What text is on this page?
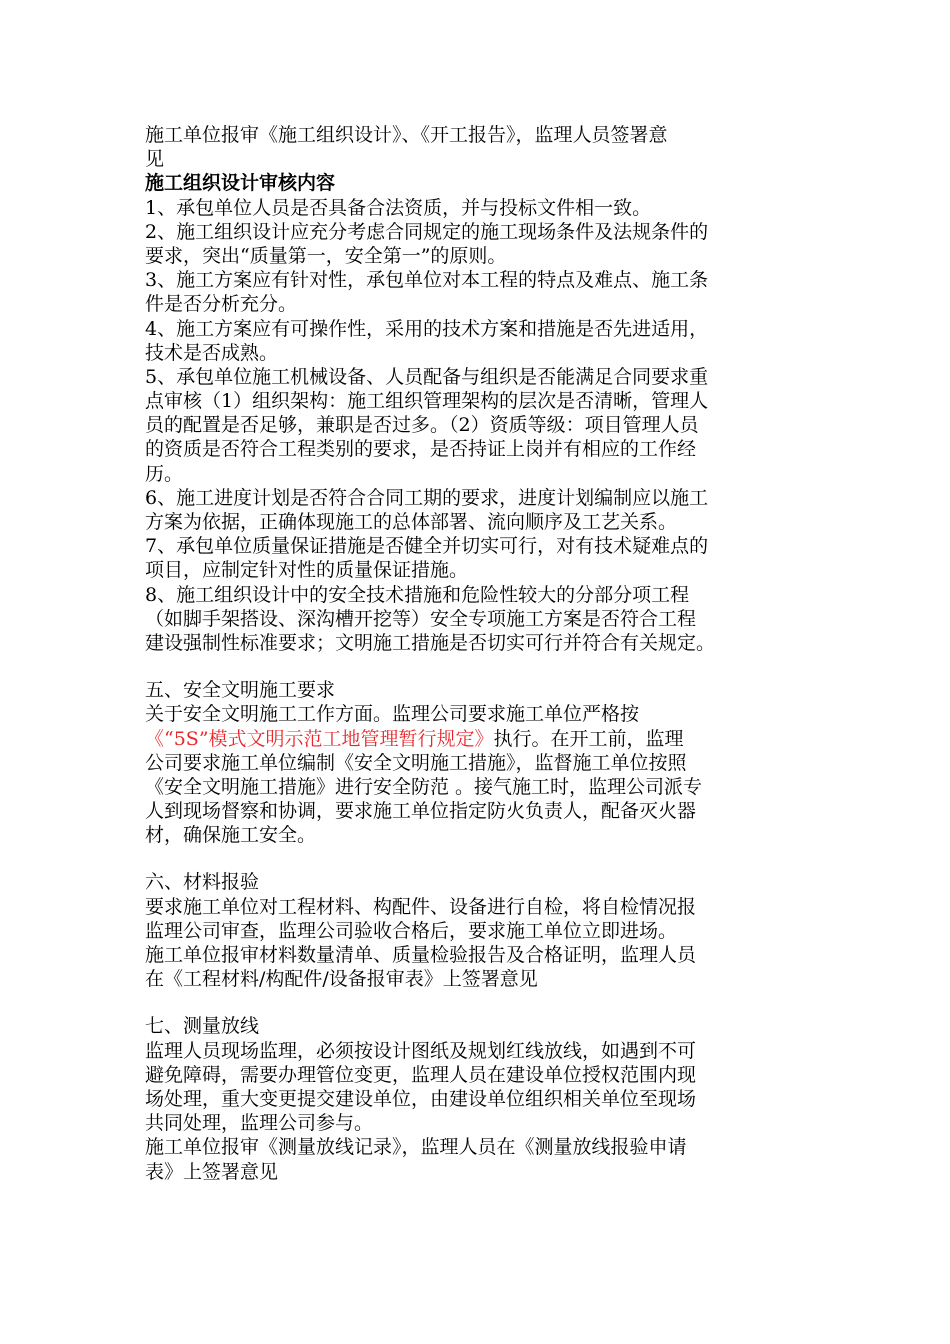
施工单位报审《施工组织设计》、《开工报告》，监理人员签署意
见
施工组织设计审核内容
1、承包单位人员是否具备合法资质，并与投标文件相一致。
2、施工组织设计应充分考虑合同规定的施工现场条件及法规条件的
要求，突出“质量第一，安全第一”的原则。
3、施工方案应有针对性，承包单位对本工程的特点及难点、施工条
件是否分析充分。
4、施工方案应有可操作性，采用的技术方案和措施是否先进适用，
技术是否成熟。
5、承包单位施工机械设备、人员配备与组织是否能满足合同要求重
点审核（1）组织架构：施工组织管理架构的层次是否清晰，管理人
员的配置是否足够，兼职是否过多。（2）资质等级：项目管理人员
的资质是否符合工程类别的要求，是否持证上岗并有相应的工作经
历。
6、施工进度计划是否符合合同工期的要求，进度计划编制应以施工
方案为依据，正确体现施工的总体部署、流向顺序及工艺关系。
7、承包单位质量保证措施是否健全并切实可行，对有技术疑难点的
项目，应制定针对性的质量保证措施。
8、施工组织设计中的安全技术措施和危险性较大的分部分项工程
（如脚手架搭设、深沟槽开挖等）安全专项施工方案是否符合工程
建设强制性标准要求；文明施工措施是否切实可行并符合有关规定。
五、安全文明施工要求
关于安全文明施工工作方面。监理公司要求施工单位严格按
《“5S”模式文明示范工地管理暂行规定》执行。在开工前，监理
公司要求施工单位编制《安全文明施工措施》，监督施工单位按照
《安全文明施工措施》进行安全防范 。接气施工时，监理公司派专
人到现场督察和协调，要求施工单位指定防火负责人，配备灭火器
材，确保施工安全。
六、材料报验
要求施工单位对工程材料、构配件、设备进行自检，将自检情况报
监理公司审查，监理公司验收合格后，要求施工单位立即进场。
施工单位报审材料数量清单、质量检验报告及合格证明，监理人员
在《工程材料/构配件/设备报审表》上签署意见
七、测量放线
监理人员现场监理，必须按设计图纸及规划红线放线，如遇到不可
避免障碍，需要办理管位变更，监理人员在建设单位授权范围内现
场处理，重大变更提交建设单位，由建设单位组织相关单位至现场
共同处理，监理公司参与。
施工单位报审《测量放线记录》，监理人员在《测量放线报验申请
表》上签署意见
